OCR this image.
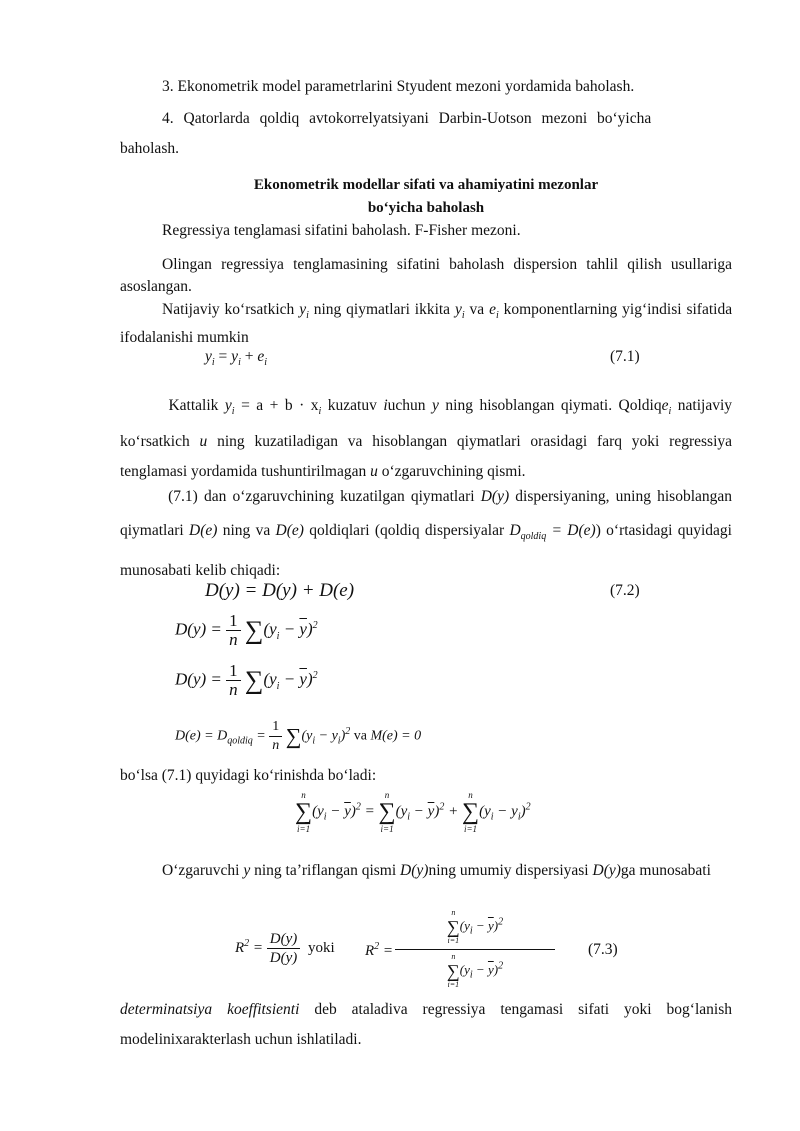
3. Ekonometrik model parametrlarini Styudent mezoni yordamida baholash.
4. Qatorlarda qoldiq avtokorrelyatsiyani Darbin-Uotson mezoni bo‘yicha
baholash.
Ekonometrik modellar sifati va ahamiyatini mezonlar
bo‘yicha baholash
Regressiya tenglamasi sifatini baholash. F-Fisher mezoni.
Olingan regressiya tenglamasining sifatini baholash dispersion tahlil qilish usullariga asoslangan.
Natijaviy ko‘rsatkich $y_i$ ning qiymatlari ikkita $y_i$ va $e_i$ komponentlarning yig‘indisi sifatida ifodalanishi mumkin
$y_i = y_i + e_i$	(7.1)
Kattalik $y_i = a + b \cdot x_i$ kuzatuv iuchun y ning hisoblangan qiymati. Qoldiqe$_i$ natijaviy ko‘rsatkich u ning kuzatiladigan va hisoblangan qiymatlari orasidagi farq yoki regressiya tenglamasi yordamida tushuntirilmagan u o‘zgaruvchining qismi.
(7.1) dan o‘zgaruvchining kuzatilgan qiymatlari D(y) dispersiyaning, uning hisoblangan qiymatlari D(e) ning va D(e) qoldiqlari (qoldiq dispersiyalar $D_{qoldiq} = D(e)$) o‘rtasidagi quyidagi munosabati kelib chiqadi:
D(y) = D(y) + D(e)	(7.2)
$D(y) = \frac{1}{n} \sum(y_i - \overline{y})^2$
$D(y) = \frac{1}{n} \sum(y_i - \overline{y})^2$
$D(e) = D_{qoldiq} = \frac{1}{n} \sum(y_i - y_i)^2$ va M(e) = 0
bo‘lsa (7.1) quyidagi ko‘rinishda bo‘ladi:
n
∑
$i=1(y_i - \overline{y})^2 = n$
∑
$i=1(y_i - \overline{y})^2 + n$
∑
$i=1(y_i - y_i)^2$
O‘zgaruvchi y ning ta’riflangan qismi D(y)ning umumiy dispersiyasi D(y)ga munosabati
$R^2 = \frac{D(y)}{D(y)}$ yoki $R^2$ =
n
∑
$i=1(y_i - \overline{y})^2$
n
∑
$i=1(y_i - \overline{y})^2$
(7.3)
determinatsiya koeffitsienti deb ataladiva regressiya tengamasi sifati yoki bog‘lanish modelinixarakterlash uchun ishlatiladi.
